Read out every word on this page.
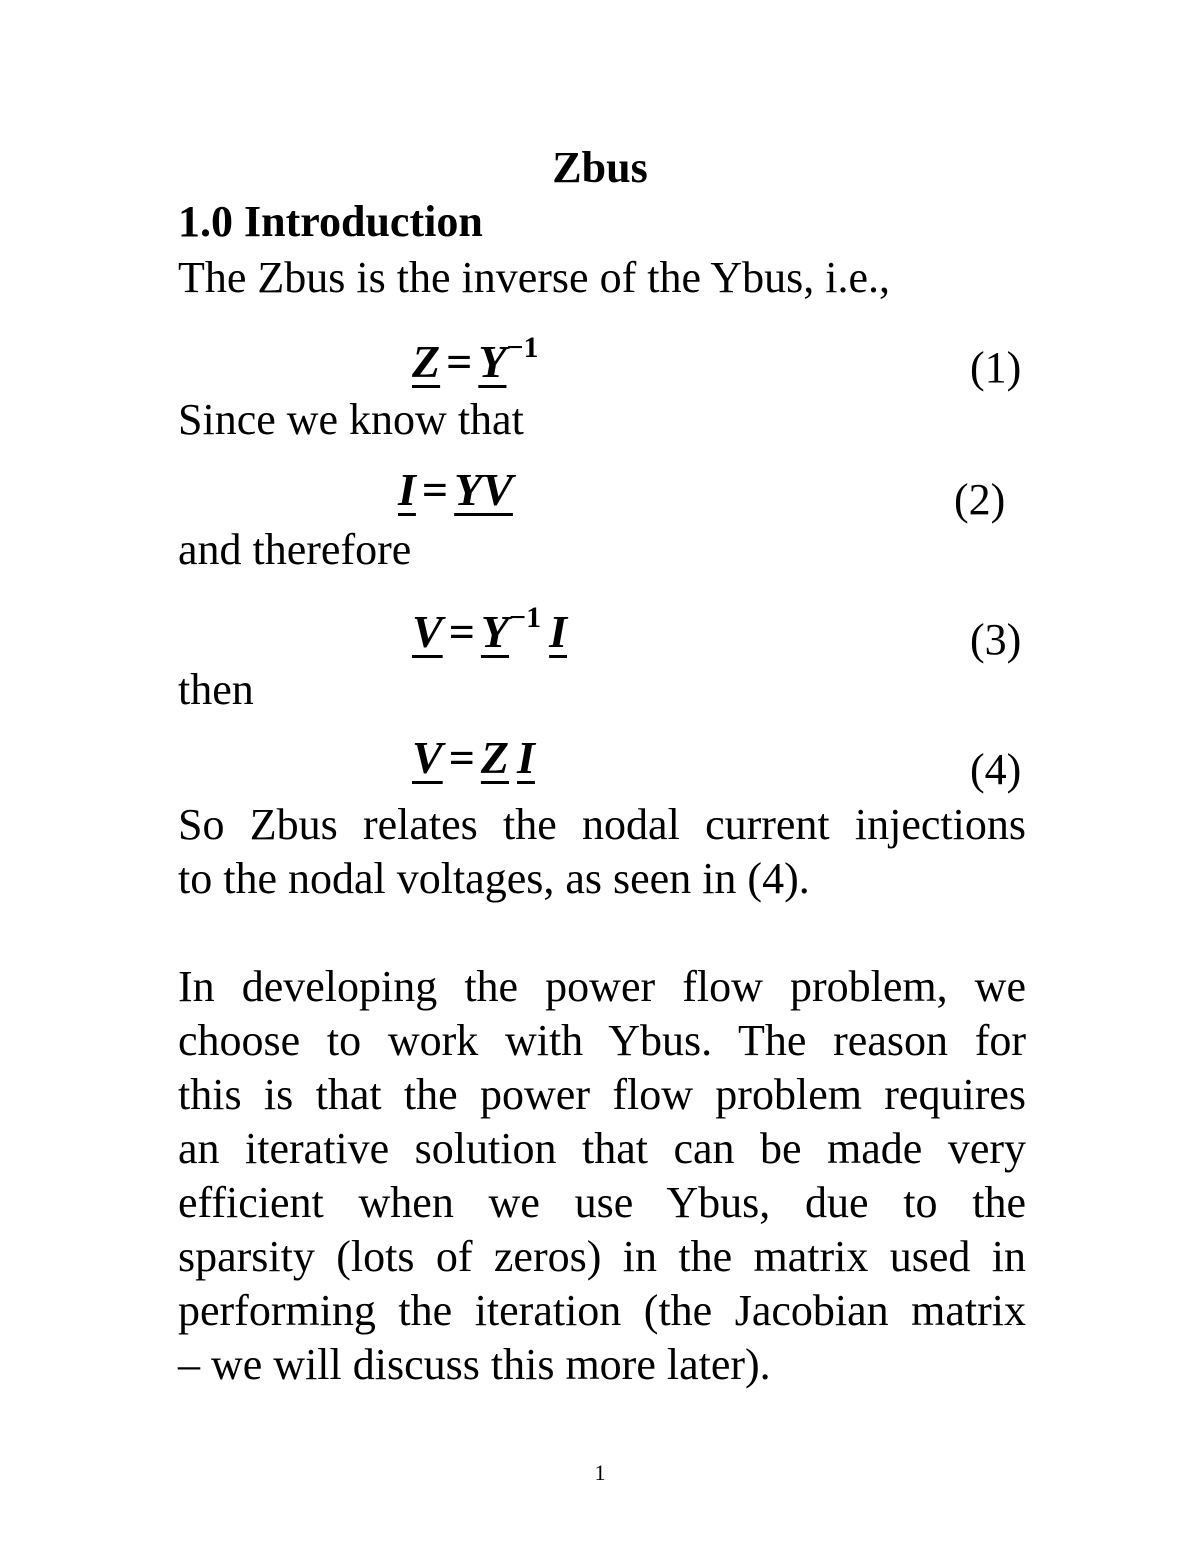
Zbus
1.0 Introduction
The Zbus is the inverse of the Ybus, i.e.,
$Z = Y^{-1}$	(1)
Since we know that
I = YV	(2)
and therefore
$V = Y^{-1}$ I	(3)
then
V = Z I	(4)
So Zbus relates the nodal current injections
to the nodal voltages, as seen in (4).
In developing the power flow problem, we
choose to work with Ybus. The reason for
this is that the power flow problem requires
an iterative solution that can be made very
efficient when we use Ybus, due to the
sparsity (lots of zeros) in the matrix used in
performing the iteration (the Jacobian matrix
– we will discuss this more later).
1
